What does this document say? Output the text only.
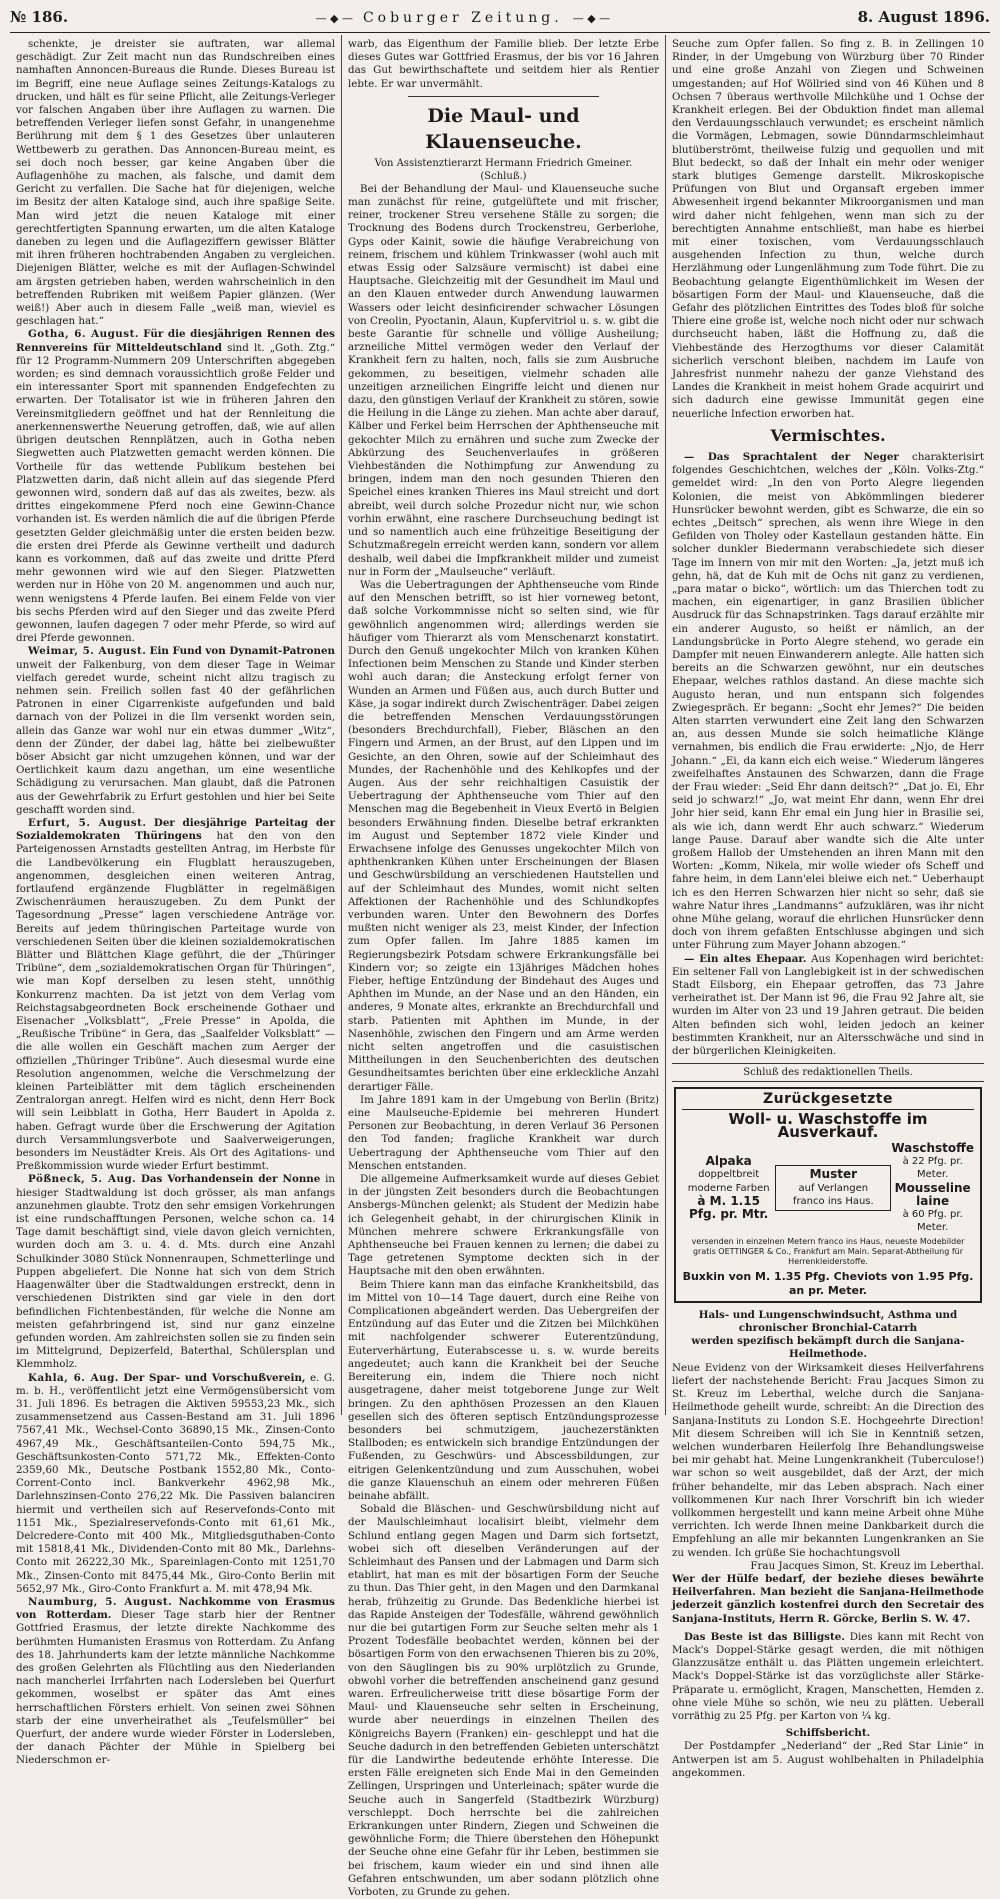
№ 186.
— ◆ —	Coburger Zeitung. — ◆ —	8. August 1896.

schenkte, je dreister sie auftraten, war allemal geschädigt. Zur Zeit macht nun das Rundschreiben eines namhaften Annoncen-Bureaus die Runde. Dieses Bureau ist im Begriff, eine neue Auflage seines Zeitungs-Katalogs zu drucken, und hält es für seine Pflicht, alle Zeitungs-Verleger vor falschen Angaben über ihre Auflagen zu warnen. Die betreffenden Verleger liefen sonst Gefahr, in unangenehme Berührung mit dem § 1 des Gesetzes über unlauteren Wettbewerb zu gerathen. Das Annoncen-Bureau meint, es sei doch noch besser, gar keine Angaben über die Auflagenhöhe zu machen, als falsche, und damit dem Gericht zu verfallen. Die Sache hat für diejenigen, welche im Besitz der alten Kataloge sind, auch ihre spaßige Seite. Man wird jetzt die neuen Kataloge mit einer gerechtfertigten Spannung erwarten, um die alten Kataloge daneben zu legen und die Auflageziffern gewisser Blätter mit ihren früheren hochtrabenden Angaben zu vergleichen. Diejenigen Blätter, welche es mit der Auflagen-Schwindel am ärgsten getrieben haben, werden wahrscheinlich in den betreffenden Rubriken mit weißem Papier glänzen. (Wer weiß!) Aber auch in diesem Falle „weiß man, wieviel es geschlagen hat.“

Gotha, 6. August. Für die diesjährigen Rennen des Rennvereins für Mitteldeutschland sind lt. „Goth. Ztg.“ für 12 Programm-Nummern 209 Unterschriften abgegeben worden; es sind demnach voraussichtlich große Felder und ein interessanter Sport mit spannenden Endgefechten zu erwarten. Der Totalisator ist wie in früheren Jahren den Vereinsmitgliedern geöffnet und hat der Rennleitung die anerkennenswerthe Neuerung getroffen, daß, wie auf allen übrigen deutschen Rennplätzen, auch in Gotha neben Siegwetten auch Platzwetten gemacht werden können. Die Vortheile für das wettende Publikum bestehen bei Platzwetten darin, daß nicht allein auf das siegende Pferd gewonnen wird, sondern daß auf das als zweites, bezw. als drittes eingekommene Pferd noch eine Gewinn-Chance vorhanden ist. Es werden nämlich die auf die übrigen Pferde gesetzten Gelder gleichmäßig unter die ersten beiden bezw. die ersten drei Pferde als Gewinne vertheilt und dadurch kann es vorkommen, daß auf das zweite und dritte Pferd mehr gewonnen wird wie auf den Sieger. Platzwetten werden nur in Höhe von 20 M. angenommen und auch nur, wenn wenigstens 4 Pferde laufen. Bei einem Felde von vier bis sechs Pferden wird auf den Sieger und das zweite Pferd gewonnen, laufen dagegen 7 oder mehr Pferde, so wird auf drei Pferde gewonnen.

Weimar, 5. August. Ein Fund von Dynamit-Patronen unweit der Falkenburg, von dem dieser Tage in Weimar vielfach geredet wurde, scheint nicht allzu tragisch zu nehmen sein. Freilich sollen fast 40 der gefährlichen Patronen in einer Cigarrenkiste aufgefunden und bald darnach von der Polizei in die Ilm versenkt worden sein, allein das Ganze war wohl nur ein etwas dummer „Witz“, denn der Zünder, der dabei lag, hätte bei zielbewußter böser Absicht gar nicht umzugehen können, und war der Oertlichkeit kaum dazu angethan, um eine wesentliche Schädigung zu verursachen. Man glaubt, daß die Patronen aus der Gewehrfabrik zu Erfurt gestohlen und hier bei Seite geschafft worden sind.

Erfurt, 5. August. Der diesjährige Parteitag der Sozialdemokraten Thüringens hat den von den Parteigenossen Arnstadts gestellten Antrag, im Herbste für die Landbevölkerung ein Flugblatt herauszugeben, angenommen, desgleichen einen weiteren Antrag, fortlaufend ergänzende Flugblätter in regelmäßigen Zwischenräumen herauszugeben. Zu dem Punkt der Tagesordnung „Presse“ lagen verschiedene Anträge vor. Bereits auf jedem thüringischen Parteitage wurde von verschiedenen Seiten über die kleinen sozialdemokratischen Blätter und Blättchen Klage geführt, die der „Thüringer Tribüne“, dem „sozialdemokratischen Organ für Thüringen“, wie man Kopf derselben zu lesen steht, unnöthig Konkurrenz machten. Da ist jetzt von dem Verlag vom Reichstagsabgeordneten Bock erscheinende Gothaer und Eisenacher „Volksblatt“, „Freie Presse“ in Apolda, die „Reußische Tribüne“ in Gera, das „Saalfelder Volksblatt“ — die alle wollen ein Geschäft machen zum Aerger der offiziellen „Thüringer Tribüne“. Auch diesesmal wurde eine Resolution angenommen, welche die Verschmelzung der kleinen Parteiblätter mit dem täglich erscheinenden Zentralorgan anregt. Helfen wird es nicht, denn Herr Bock will sein Leibblatt in Gotha, Herr Baudert in Apolda z. haben. Gefragt wurde über die Erschwerung der Agitation durch Versammlungsverbote und Saalverweigerungen, besonders im Neustädter Kreis. Als Ort des Agitations- und Preßkommission wurde wieder Erfurt bestimmt.

Pößneck, 5. Aug. Das Vorhandensein der Nonne in hiesiger Stadtwaldung ist doch grösser, als man anfangs anzunehmen glaubte. Trotz den sehr emsigen Vorkehrungen ist eine rundschafftungen Personen, welche schon ca. 14 Tage damit beschäftigt sind, viele davon gleich vernichten, wurden doch am 3. u. 4. d. Mts. durch eine Anzahl Schulkinder 3080 Stück Nonnenraupen, Schmetterlinge und Puppen abgeliefert. Die Nonne hat sich von dem Strich Haagenwälter über die Stadtwaldungen erstreckt, denn in verschiedenen Distrikten sind gar viele in den dort befindlichen Fichtenbeständen, für welche die Nonne am meisten gefahrbringend ist, sind nur ganz einzelne gefunden worden. Am zahlreichsten sollen sie zu finden sein im Mittelgrund, Depizerfeld, Baterthal, Schülersplan und Klemmholz.

Kahla, 6. Aug. Der Spar- und Vorschußverein, e. G. m. b. H., veröffentlicht jetzt eine Vermögensübersicht vom 31. Juli 1896. Es betragen die Aktiven 59553,23 Mk., sich zusammensetzend aus Cassen-Bestand am 31. Juli 1896 7567,41 Mk., Wechsel-Conto 36890,15 Mk., Zinsen-Conto 4967,49 Mk., Geschäftsanteilen-Conto 594,75 Mk., Geschäftsunkosten-Conto 571,72 Mk., Effekten-Conto 2359,60 Mk., Deutsche Postbank 1552,80 Mk., Conto-Corrent-Conto incl. Bankverkehr 4962,98 Mk., Darlehnszinsen-Conto 276,22 Mk. Die Passiven balanciren hiermit und vertheilen sich auf Reservefonds-Conto mit 1151 Mk., Spezialreservefonds-Conto mit 61,61 Mk., Delcredere-Conto mit 400 Mk., Mitgliedsguthaben-Conto mit 15818,41 Mk., Dividenden-Conto mit 80 Mk., Darlehns-Conto mit 26222,30 Mk., Spareinlagen-Conto mit 1251,70 Mk., Zinsen-Conto mit 8475,44 Mk., Giro-Conto Berlin mit 5652,97 Mk., Giro-Conto Frankfurt a. M. mit 478,94 Mk.

Naumburg, 5. August. Nachkomme von Erasmus von Rotterdam. Dieser Tage starb hier der Rentner Gottfried Erasmus, der letzte direkte Nachkomme des berühmten Humanisten Erasmus von Rotterdam. Zu Anfang des 18. Jahrhunderts kam der letzte männliche Nachkomme des großen Gelehrten als Flüchtling aus den Niederlanden nach mancherlei Irrfahrten nach Lodersleben bei Querfurt gekommen, woselbst er später das Amt eines herrschaftlichen Försters erhielt. Von seinen zwei Söhnen starb der eine unverheirathet als „Teufelsmüller“ bei Querfurt, der andere wurde wieder Förster in Lodersleben, der danach Pächter der Mühle in Spielberg bei Niederschmon er-

warb, das Eigenthum der Familie blieb. Der letzte Erbe dieses Gutes war Gottfried Erasmus, der bis vor 16 Jahren das Gut bewirthschaftete und seitdem hier als Rentier lebte. Er war unvermählt.

Die Maul- und Klauenseuche.
Von Assistenztierarzt Hermann Friedrich Gmeiner.
(Schluß.)

Bei der Behandlung der Maul- und Klauenseuche suche man zunächst für reine, gutgelüftete und mit frischer, reiner, trockener Streu versehene Ställe zu sorgen; die Trocknung des Bodens durch Trockenstreu, Gerberlohe, Gyps oder Kainit, sowie die häufige Verabreichung von reinem, frischem und kühlem Trinkwasser (wohl auch mit etwas Essig oder Salzsäure vermischt) ist dabei eine Hauptsache. Gleichzeitig mit der Gesundheit im Maul und an den Klauen entweder durch Anwendung lauwarmen Wassers oder leicht desinficirender schwacher Lösungen von Creolin, Pyoctanin, Alaun, Kupfervitriol u. s. w. gibt die beste Garantie für schnelle und völlige Ausheilung; arzneiliche Mittel vermögen weder den Verlauf der Krankheit fern zu halten, noch, falls sie zum Ausbruche gekommen, zu beseitigen, vielmehr schaden alle unzeitigen arzneilichen Eingriffe leicht und dienen nur dazu, den günstigen Verlauf der Krankheit zu stören, sowie die Heilung in die Länge zu ziehen. Man achte aber darauf, Kälber und Ferkel beim Herrschen der Aphthenseuche mit gekochter Milch zu ernähren und suche zum Zwecke der Abkürzung des Seuchenverlaufes in größeren Viehbeständen die Nothimpfung zur Anwendung zu bringen, indem man den noch gesunden Thieren den Speichel eines kranken Thieres ins Maul streicht und dort abreibt, weil durch solche Prozedur nicht nur, wie schon vorhin erwähnt, eine raschere Durchseuchung bedingt ist und so namentlich auch eine frühzeitige Beseitigung der Schutzmaßregeln erreicht werden kann, sondern vor allem deshalb, weil dabei die Impfkrankheit milder und zumeist nur in Form der „Maulseuche“ verläuft.

Was die Uebertragungen der Aphthenseuche vom Rinde auf den Menschen betrifft, so ist hier vorneweg betont, daß solche Vorkommnisse nicht so selten sind, wie für gewöhnlich angenommen wird; allerdings werden sie häufiger vom Thierarzt als vom Menschenarzt konstatirt. Durch den Genuß ungekochter Milch von kranken Kühen Infectionen beim Menschen zu Stande und Kinder sterben wohl auch daran; die Ansteckung erfolgt ferner von Wunden an Armen und Füßen aus, auch durch Butter und Käse, ja sogar indirekt durch Zwischenträger. Dabei zeigen die betreffenden Menschen Verdauungsstörungen (besonders Brechdurchfall), Fieber, Bläschen an den Fingern und Armen, an der Brust, auf den Lippen und im Gesichte, an den Ohren, sowie auf der Schleimhaut des Mundes, der Rachenhöhle und des Kehlkopfes und der Augen. Aus der sehr reichhaltigen Casuistik der Uebertragung der Aphthenseuche vom Thier auf den Menschen mag die Begebenheit in Vieux Evertö in Belgien besonders Erwähnung finden. Dieselbe betraf erkrankten im August und September 1872 viele Kinder und Erwachsene infolge des Genusses ungekochter Milch von aphthenkranken Kühen unter Erscheinungen der Blasen und Geschwürsbildung an verschiedenen Hautstellen und auf der Schleimhaut des Mundes, womit nicht selten Affektionen der Rachenhöhle und des Schlundkopfes verbunden waren. Unter den Bewohnern des Dorfes mußten nicht weniger als 23, meist Kinder, der Infection zum Opfer fallen. Im Jahre 1885 kamen im Regierungsbezirk Potsdam schwere Erkrankungsfälle bei Kindern vor; so zeigte ein 13jähriges Mädchen hohes Fieber, heftige Entzündung der Bindehaut des Auges und Aphthen im Munde, an der Nase und an den Händen, ein anderes, 9 Monate altes, erkrankte an Brechdurchfall und starb. Patienten mit Aphthen im Munde, in der Nasenhöhle, zwischen den Fingern und am Arme werden nicht selten angetroffen und die casuistischen Mittheilungen in den Seuchenberichten des deutschen Gesundheitsamtes berichten über eine erkleckliche Anzahl derartiger Fälle.

Im Jahre 1891 kam in der Umgebung von Berlin (Britz) eine Maulseuche-Epidemie bei mehreren Hundert Personen zur Beobachtung, in deren Verlauf 36 Personen den Tod fanden; fragliche Krankheit war durch Uebertragung der Aphthenseuche vom Thier auf den Menschen entstanden.

Die allgemeine Aufmerksamkeit wurde auf dieses Gebiet in der jüngsten Zeit besonders durch die Beobachtungen Ansbergs-München gelenkt; als Student der Medizin habe ich Gelegenheit gehabt, in der chirurgischen Klinik in München mehrere schwere Erkrankungsfälle von Aphthenseuche bei Frauen kennen zu lernen; die dabei zu Tage getretenen Symptome deckten sich in der Hauptsache mit den oben erwähnten.

Beim Thiere kann man das einfache Krankheitsbild, das im Mittel von 10—14 Tage dauert, durch eine Reihe von Complicationen abgeändert werden. Das Uebergreifen der Entzündung auf das Euter und die Zitzen bei Milchkühen mit nachfolgender schwerer Euterentzündung, Euterverhärtung, Euterabscesse u. s. w. wurde bereits angedeutet; auch kann die Krankheit bei der Seuche Bereiterung ein, indem die Thiere noch nicht ausgetragene, daher meist totgeborene Junge zur Welt bringen. Zu den aphthösen Prozessen an den Klauen gesellen sich des öfteren septisch Entzündungsprozesse besonders bei schmutzigem, jauchezerstänkten Stallboden; es entwickeln sich brandige Entzündungen der Fußenden, zu Geschwürs- und Abscessbildungen, zur eitrigen Gelenkentzündung und zum Ausschuhen, wobei die ganze Klauenschuh an einem oder mehreren Füßen beinahe abfällt.

Sobald die Bläschen- und Geschwürsbildung nicht auf der Maulschleimhaut localisirt bleibt, vielmehr dem Schlund entlang gegen Magen und Darm sich fortsetzt, wobei sich oft dieselben Veränderungen auf der Schleimhaut des Pansen und der Labmagen und Darm sich etablirt, hat man es mit der bösartigen Form der Seuche zu thun. Das Thier geht, in den Magen und den Darmkanal herab, frühzeitig zu Grunde. Das Bedenkliche hierbei ist das Rapide Ansteigen der Todesfälle, während gewöhnlich nur die bei gutartigen Form zur Seuche selten mehr als 1 Prozent Todesfälle beobachtet werden, können bei der bösartigen Form von den erwachsenen Thieren bis zu 20%, von den Säuglingen bis zu 90% urplötzlich zu Grunde, obwohl vorher die betreffenden anscheinend ganz gesund waren. Erfreulicherweise tritt diese bösartige Form der Maul- und Klauenseuche sehr selten in Erscheinung, wurde aber neuerdings in einzelnen Theilen des Königreichs Bayern (Franken) ein- geschleppt und hat die Seuche dadurch in den betreffenden Gebieten unterschätzt für die Landwirthe bedeutende erhöhte Interesse. Die ersten Fälle ereigneten sich Ende Mai in den Gemeinden Zellingen, Urspringen und Unterleinach; später wurde die Seuche auch in Sangerfeld (Stadtbezirk Würzburg) verschleppt. Doch herrschte bei die zahlreichen Erkrankungen unter Rindern, Ziegen und Schweinen die gewöhnliche Form; die Thiere überstehen den Höhepunkt der Seuche ohne eine Gefahr für ihr Leben, bestimmen sie bei frischem, kaum wieder ein und sind ihnen alle Gefahren entschwunden, um aber sodann plötzlich ohne Vorboten, zu Grunde zu gehen.

Seuche zum Opfer fallen. So fing z. B. in Zellingen 10 Rinder, in der Umgebung von Würzburg über 70 Rinder und eine große Anzahl von Ziegen und Schweinen umgestanden; auf Hof Wöllried sind von 46 Kühen und 8 Ochsen 7 überaus werthvolle Milchkühe und 1 Ochse der Krankheit erlegen. Bei der Obduktion findet man allemal den Verdauungsschlauch verwundet; es erscheint nämlich die Vormägen, Lebmagen, sowie Dünndarmschleimhaut blutüberströmt, theilweise fulzig und gequollen und mit Blut bedeckt, so daß der Inhalt ein mehr oder weniger stark blutiges Gemenge darstellt. Mikroskopische Prüfungen von Blut und Organsaft ergeben immer Abwesenheit irgend bekannter Mikroorganismen und man wird daher nicht fehlgehen, wenn man sich zu der berechtigten Annahme entschließt, man habe es hierbei mit einer toxischen, vom Verdauungsschlauch ausgehenden Infection zu thun, welche durch Herzlähmung oder Lungenlähmung zum Tode führt. Die zu Beobachtung gelangte Eigenthümlichkeit im Wesen der bösartigen Form der Maul- und Klauenseuche, daß die Gefahr des plötzlichen Eintrittes des Todes bloß für solche Thiere eine große ist, welche noch nicht oder nur schwach durchseucht haben, läßt die Hoffnung zu, daß die Viehbestände des Herzogthums vor dieser Calamität sicherlich verschont bleiben, nachdem im Laufe von Jahresfrist nunmehr nahezu der ganze Viehstand des Landes die Krankheit in meist hohem Grade acquirirt und sich dadurch eine gewisse Immunität gegen eine neuerliche Infection erworben hat.

Vermischtes.

— Das Sprachtalent der Neger charakterisirt folgendes Geschichtchen, welches der „Köln. Volks-Ztg.“ gemeldet wird: „In den von Porto Alegre liegenden Kolonien, die meist von Abkömmlingen biederer Hunsrücker bewohnt werden, gibt es Schwarze, die ein so echtes „Deitsch“ sprechen, als wenn ihre Wiege in den Gefilden von Tholey oder Kastellaun gestanden hätte. Ein solcher dunkler Biedermann verabschiedete sich dieser Tage im Innern von mir mit den Worten: „Ja, jetzt muß ich gehn, hä, dat de Kuh mit de Ochs nit ganz zu verdienen, „para matar o bicko“, wörtlich: um das Thierchen todt zu machen, ein eigenartiger, in ganz Brasilien üblicher Ausdruck für das Schnapstrinken. Tags darauf erzählte mir ein anderer Augusto, so heißt er nämlich, an der Landungsbrücke in Porto Alegre stehend, wo gerade ein Dampfer mit neuen Einwanderern anlegte. Alle hatten sich bereits an die Schwarzen gewöhnt, nur ein deutsches Ehepaar, welches rathlos dastand. An diese machte sich Augusto heran, und nun entspann sich folgendes Zwiegespräch. Er begann: „Socht ehr Jemes?“ Die beiden Alten starrten verwundert eine Zeit lang den Schwarzen an, aus dessen Munde sie solch heimatliche Klänge vernahmen, bis endlich die Frau erwiderte: „Njo, de Herr Johann.“ „Ei, da kann eich eich weise.“ Wiederum längeres zweifelhaftes Anstaunen des Schwarzen, dann die Frage der Frau wieder: „Seid Ehr dann deitsch?“ „Dat jo. Ei, Ehr seid jo schwarz!“ „Jo, wat meint Ehr dann, wenn Ehr drei Johr hier seid, kann Ehr emal ein Jung hier in Brasilie sei, als wie ich, dann werdt Ehr auch schwarz.“ Wiederum lange Pause. Darauf aber wandte sich die Alte unter großem Hallob der Umstehenden an ihren Mann mit den Worten: „Komm, Nikela, mir wolle wieder ofs Scheff und fahre heim, in dem Lann'elei bleiwe eich net.“ Ueberhaupt ich es den Herren Schwarzen hier nicht so sehr, daß sie wahre Natur ihres „Landmanns“ aufzuklären, was ihr nicht ohne Mühe gelang, worauf die ehrlichen Hunsrücker denn doch von ihrem gefaßten Entschlusse abgingen und sich unter Führung zum Mayer Johann abzogen.“

— Ein altes Ehepaar. Aus Kopenhagen wird berichtet: Ein seltener Fall von Langlebigkeit ist in der schwedischen Stadt Eilsborg, ein Ehepaar getroffen, das 73 Jahre verheirathet ist. Der Mann ist 96, die Frau 92 Jahre alt, sie wurden im Alter von 23 und 19 Jahren getraut. Die beiden Alten befinden sich wohl, leiden jedoch an keiner bestimmten Krankheit, nur an Altersschwäche und sind in der bürgerlichen Kleinigkeiten.

Schluß des redaktionellen Theils.
Zurückgesetzte
Woll- u. Waschstoffe im Ausverkauf.
Alpaka
doppeltbreit moderne Farben
à M. 1.15 Pfg. pr. Mtr.
Muster
auf Verlangen franco ins Haus.
Waschstoffe
à 22 Pfg. pr. Meter.
Mousseline laine
à 60 Pfg. pr. Meter.
versenden in einzelnen Metern franco ins Haus, neueste Modebilder gratis OETTINGER & Co., Frankfurt am Main. Separat-Abtheilung für Herrenkleiderstoffe.
Buxkin von M. 1.35 Pfg. Cheviots von 1.95 Pfg. an pr. Meter.
Hals- und Lungenschwindsucht, Asthma und chronischer Bronchial-Catarrh
werden spezifisch bekämpft durch die Sanjana-Heilmethode.

Neue Evidenz von der Wirksamkeit dieses Heilverfahrens liefert der nachstehende Bericht: Frau Jacques Simon zu St. Kreuz im Leberthal, welche durch die Sanjana-Heilmethode geheilt wurde, schreibt: An die Direction des Sanjana-Instituts zu London S.E. Hochgeehrte Direction! Mit diesem Schreiben will ich Sie in Kenntniß setzen, welchen wunderbaren Heilerfolg Ihre Behandlungsweise bei mir gehabt hat. Meine Lungenkrankheit (Tuberculose!) war schon so weit ausgebildet, daß der Arzt, der mich früher behandelte, mir das Leben absprach. Nach einer vollkommenen Kur nach Ihrer Vorschrift bin ich wieder vollkommen hergestellt und kann meine Arbeit ohne Mühe verrichten. Ich werde Ihnen meine Dankbarkeit durch die Empfehlung an alle mir bekannten Lungenkranken an Sie zu wenden. Ich grüße Sie hochachtungsvoll

Frau Jacques Simon, St. Kreuz im Leberthal.

Wer der Hülfe bedarf, der beziehe dieses bewährte Heilverfahren. Man bezieht die Sanjana-Heilmethode jederzeit gänzlich kostenfrei durch den Secretair des Sanjana-Instituts, Herrn R. Görcke, Berlin S. W. 47.

Das Beste ist das Billigste. Dies kann mit Recht von Mack's Doppel-Stärke gesagt werden, die mit nöthigen Glanzzusätze enthält u. das Plätten ungemein erleichtert. Mack's Doppel-Stärke ist das vorzüglichste aller Stärke-Präparate u. ermöglicht, Kragen, Manschetten, Hemden z. ohne viele Mühe so schön, wie neu zu plätten. Ueberall vorräthig zu 25 Pfg. per Karton von ¼ kg.

Schiffsbericht.

Der Postdampfer „Nederland“ der „Red Star Linie“ in Antwerpen ist am 5. August wohlbehalten in Philadelphia angekommen.
